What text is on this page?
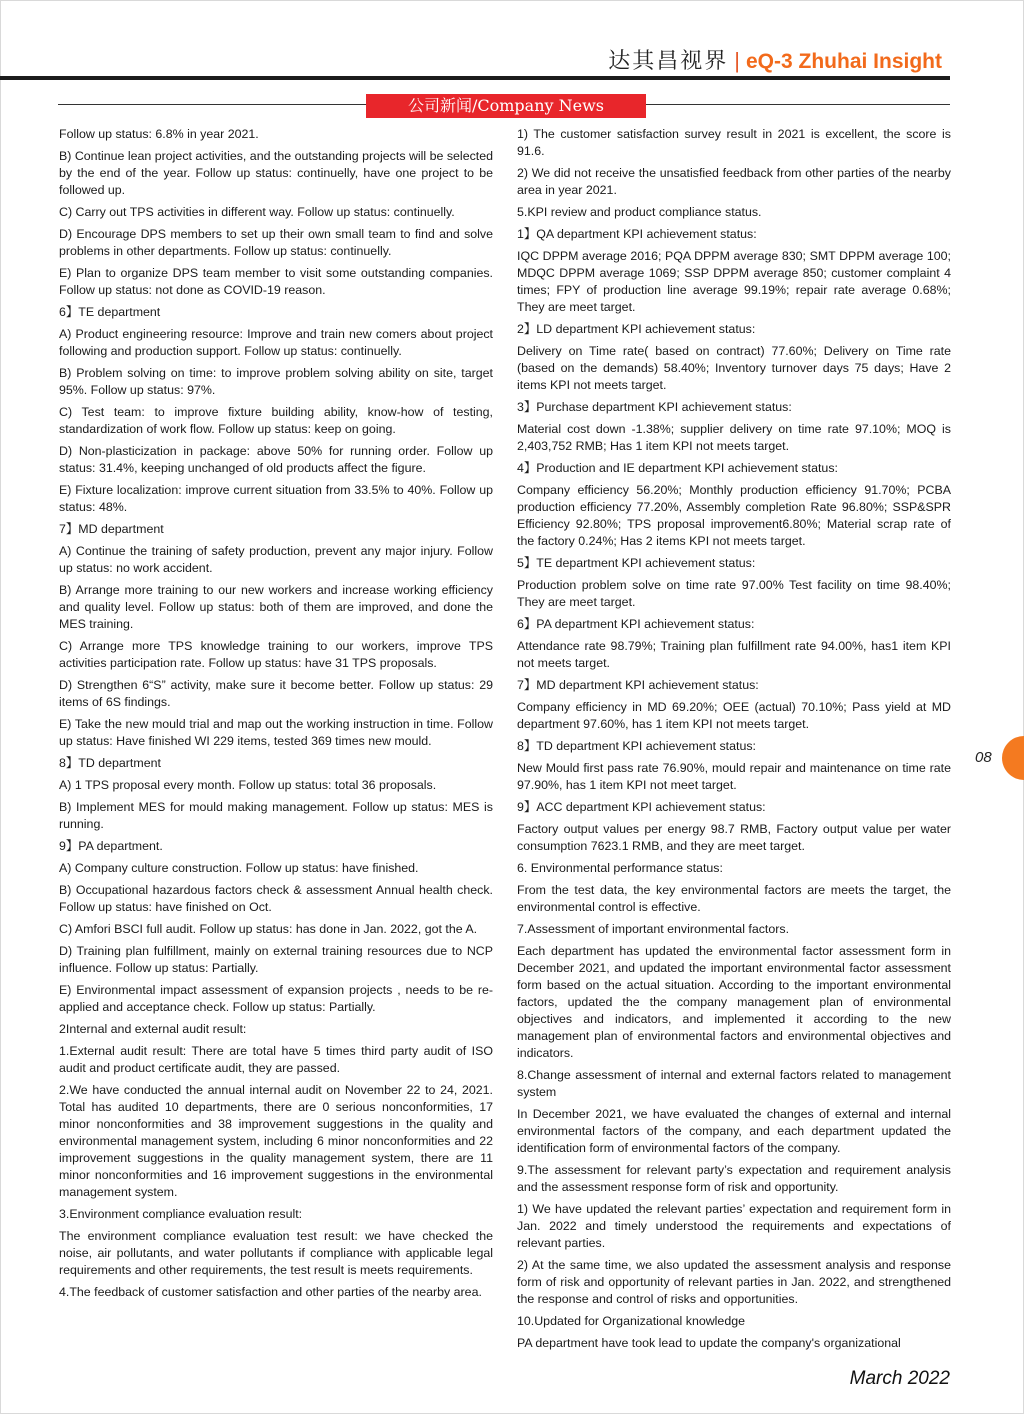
达其昌视界 | eQ-3 Zhuhai Insight
公司新闻/Company News

Follow up status: 6.8% in year 2021.

B) Continue lean project activities, and the outstanding projects will be selected by the end of the year. Follow up status: continuelly, have one project to be followed up.

C) Carry out TPS activities in different way. Follow up status: continuelly.

D) Encourage DPS members to set up their own small team to find and solve problems in other departments. Follow up status: continuelly.

E) Plan to organize DPS team member to visit some outstanding companies. Follow up status: not done as COVID-19 reason.

6】TE department

A) Product engineering resource: Improve and train new comers about project following and production support. Follow up status: continuelly.

B) Problem solving on time: to improve problem solving ability on site, target 95%. Follow up status: 97%.

C) Test team: to improve fixture building ability, know-how of testing, standardization of work flow. Follow up status: keep on going.

D) Non-plasticization in package: above 50% for running order. Follow up status: 31.4%, keeping unchanged of old products affect the figure.

E) Fixture localization: improve current situation from 33.5% to 40%. Follow up status: 48%.

7】MD department

A) Continue the training of safety production, prevent any major injury. Follow up status: no work accident.

B) Arrange more training to our new workers and increase working efficiency and quality level. Follow up status: both of them are improved, and done the MES training.

C) Arrange more TPS knowledge training to our workers, improve TPS activities participation rate. Follow up status: have 31 TPS proposals.

D) Strengthen 6“S” activity, make sure it become better. Follow up status: 29 items of 6S findings.

E) Take the new mould trial and map out the working instruction in time. Follow up status: Have finished WI 229 items, tested 369 times new mould.

8】TD department

A) 1 TPS proposal every month. Follow up status: total 36 proposals.

B) Implement MES for mould making management. Follow up status: MES is running.

9】PA department.

A) Company culture construction. Follow up status: have finished.

B) Occupational hazardous factors check & assessment Annual health check. Follow up status: have finished on Oct.

C) Amfori BSCI full audit. Follow up status: has done in Jan. 2022, got the A.

D) Training plan fulfillment, mainly on external training resources due to NCP influence. Follow up status: Partially.

E) Environmental impact assessment of expansion projects , needs to be re-applied and acceptance check. Follow up status: Partially.

2Internal and external audit result:

1.External audit result: There are total have 5 times third party audit of ISO audit and product certificate audit, they are passed.

2.We have conducted the annual internal audit on November 22 to 24, 2021. Total has audited 10 departments, there are 0 serious nonconformities, 17 minor nonconformities and 38 improvement suggestions in the quality and environmental management system, including 6 minor nonconformities and 22 improvement suggestions in the quality management system, there are 11 minor nonconformities and 16 improvement suggestions in the environmental management system.

3.Environment compliance evaluation result:

The environment compliance evaluation test result: we have checked the noise, air pollutants, and water pollutants if compliance with applicable legal requirements and other requirements, the test result is meets requirements.

4.The feedback of customer satisfaction and other parties of the nearby area.

1) The customer satisfaction survey result in 2021 is excellent, the score is 91.6.

2) We did not receive the unsatisfied feedback from other parties of the nearby area in year 2021.

5.KPI review and product compliance status.

1】QA department KPI achievement status:

IQC DPPM average 2016; PQA DPPM average 830; SMT DPPM average 100; MDQC DPPM average 1069; SSP DPPM average 850; customer complaint 4 times; FPY of production line average 99.19%; repair rate average 0.68%; They are meet target.

2】LD department KPI achievement status:

Delivery on Time rate( based on contract) 77.60%; Delivery on Time rate (based on the demands) 58.40%; Inventory turnover days 75 days; Have 2 items KPI not meets target.

3】Purchase department KPI achievement status:

Material cost down -1.38%; supplier delivery on time rate 97.10%; MOQ is 2,403,752 RMB; Has 1 item KPI not meets target.

4】Production and IE department KPI achievement status:

Company efficiency 56.20%; Monthly production efficiency 91.70%; PCBA production efficiency 77.20%, Assembly completion Rate 96.80%; SSP&SPR Efficiency 92.80%; TPS proposal improvement6.80%; Material scrap rate of the factory 0.24%; Has 2 items KPI not meets target.

5】TE department KPI achievement status:

Production problem solve on time rate 97.00% Test facility on time 98.40%; They are meet target.

6】PA department KPI achievement status:

Attendance rate 98.79%; Training plan fulfillment rate 94.00%, has1 item KPI not meets target.

7】MD department KPI achievement status:

Company efficiency in MD 69.20%; OEE (actual) 70.10%; Pass yield at MD department 97.60%, has 1 item KPI not meets target.

8】TD department KPI achievement status:

New Mould first pass rate 76.90%, mould repair and maintenance on time rate 97.90%, has 1 item KPI not meet target.

9】ACC department KPI achievement status:

Factory output values per energy 98.7 RMB, Factory output value per water consumption 7623.1 RMB, and they are meet target.

6. Environmental performance status:

From the test data, the key environmental factors are meets the target, the environmental control is effective.

7.Assessment of important environmental factors.

Each department has updated the environmental factor assessment form in December 2021, and updated the important environmental factor assessment form based on the actual situation. According to the important environmental factors, updated the the company management plan of environmental objectives and indicators, and implemented it according to the new management plan of environmental factors and environmental objectives and indicators.

8.Change assessment of internal and external factors related to management system

In December 2021, we have evaluated the changes of external and internal environmental factors of the company, and each department updated the identification form of environmental factors of the company.

9.The assessment for relevant party’s expectation and requirement analysis and the assessment response form of risk and opportunity.

1) We have updated the relevant parties’ expectation and requirement form in Jan. 2022 and timely understood the requirements and expectations of relevant parties.

2) At the same time, we also updated the assessment analysis and response form of risk and opportunity of relevant parties in Jan. 2022, and strengthened the response and control of risks and opportunities.

10.Updated for Organizational knowledge

PA department have took lead to update the company's organizational

08
March 2022
